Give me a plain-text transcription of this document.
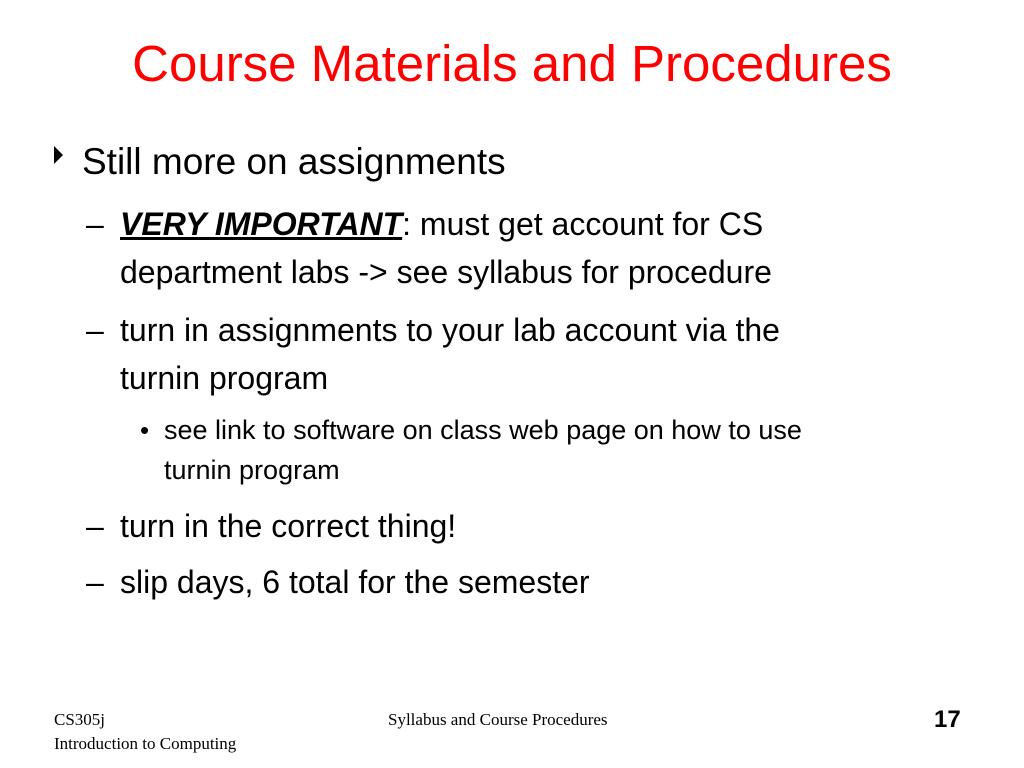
Course Materials and Procedures
Still more on assignments
– VERY IMPORTANT: must get account for CS
department labs -> see syllabus for procedure
– turn in assignments to your lab account via the
turnin program
• see link to software on class web page on how to use
turnin program
– turn in the correct thing!
– slip days, 6 total for the semester
CS305j
Introduction to Computing
Syllabus and Course Procedures	17
